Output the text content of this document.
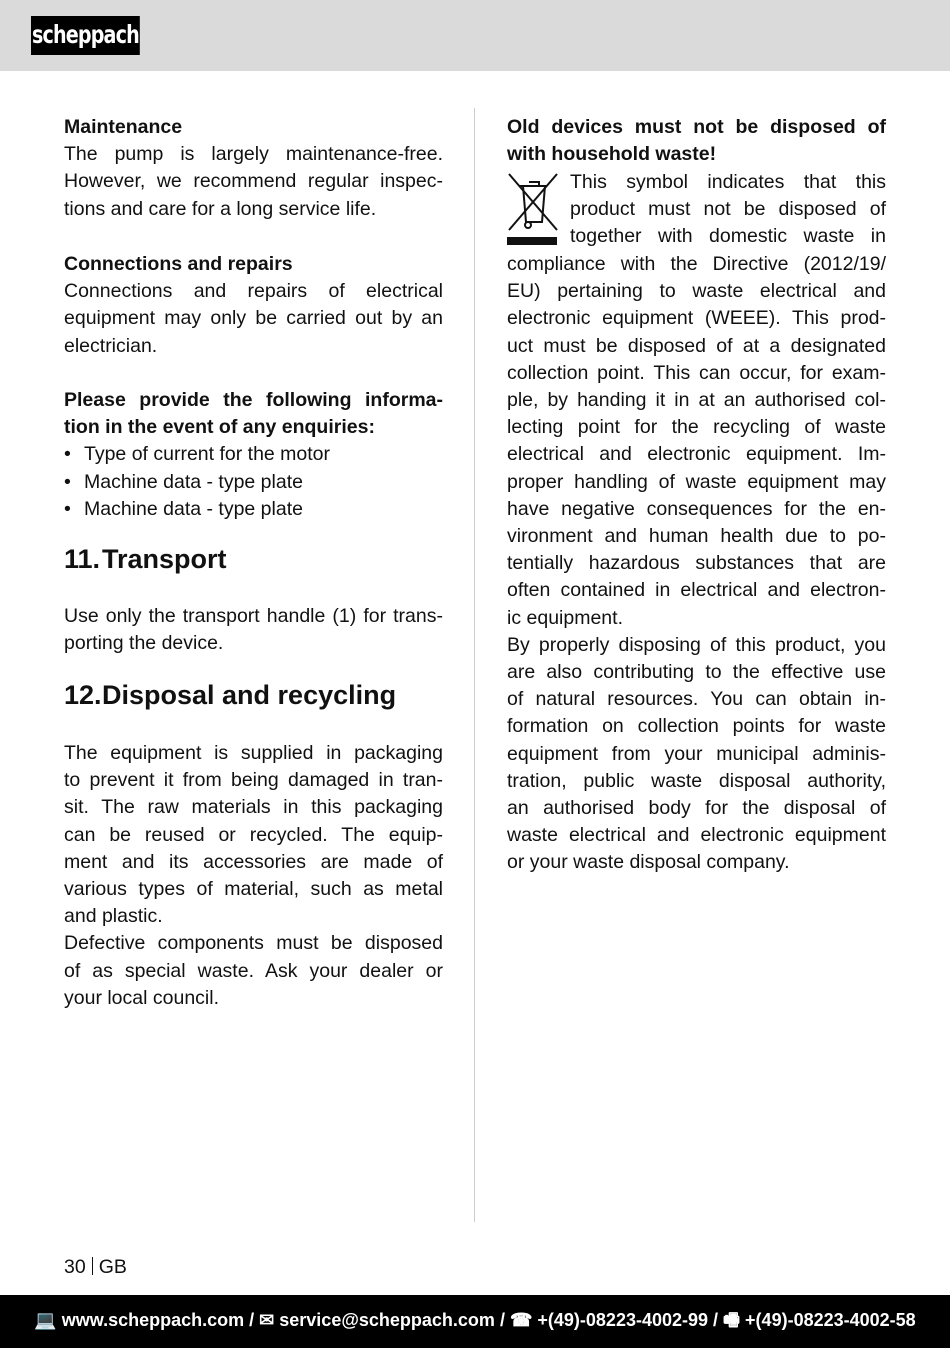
scheppach
Maintenance
The pump is largely maintenance-free.
However, we recommend regular inspec-
tions and care for a long service life.
Connections and repairs
Connections and repairs of electrical
equipment may only be carried out by an
electrician.
Please provide the following informa-
tion in the event of any enquiries:
• Type of current for the motor
• Machine data - type plate
• Machine data - type plate
11.Transport
Use only the transport handle (1) for trans-
porting the device.
12.Disposal and recycling
The equipment is supplied in packaging
to prevent it from being damaged in tran-
sit. The raw materials in this packaging
can be reused or recycled. The equip-
ment and its accessories are made of
various types of material, such as metal
and plastic.
Defective components must be disposed
of as special waste. Ask your dealer or
your local council.
Old devices must not be disposed of
with household waste!
This symbol indicates that this
product must not be disposed of
together with domestic waste in
compliance with the Directive (2012/19/
EU) pertaining to waste electrical and
electronic equipment (WEEE). This prod-
uct must be disposed of at a designated
collection point. This can occur, for exam-
ple, by handing it in at an authorised col-
lecting point for the recycling of waste
electrical and electronic equipment. Im-
proper handling of waste equipment may
have negative consequences for the en-
vironment and human health due to po-
tentially hazardous substances that are
often contained in electrical and electron-
ic equipment.
By properly disposing of this product, you
are also contributing to the effective use
of natural resources. You can obtain in-
formation on collection points for waste
equipment from your municipal adminis-
tration, public waste disposal authority,
an authorised body for the disposal of
waste electrical and electronic equipment
or your waste disposal company.
30 GB
💻 www.scheppach.com / ✉ service@scheppach.com / ☎ +(49)-08223-4002-99 / 🖷 +(49)-08223-4002-58
